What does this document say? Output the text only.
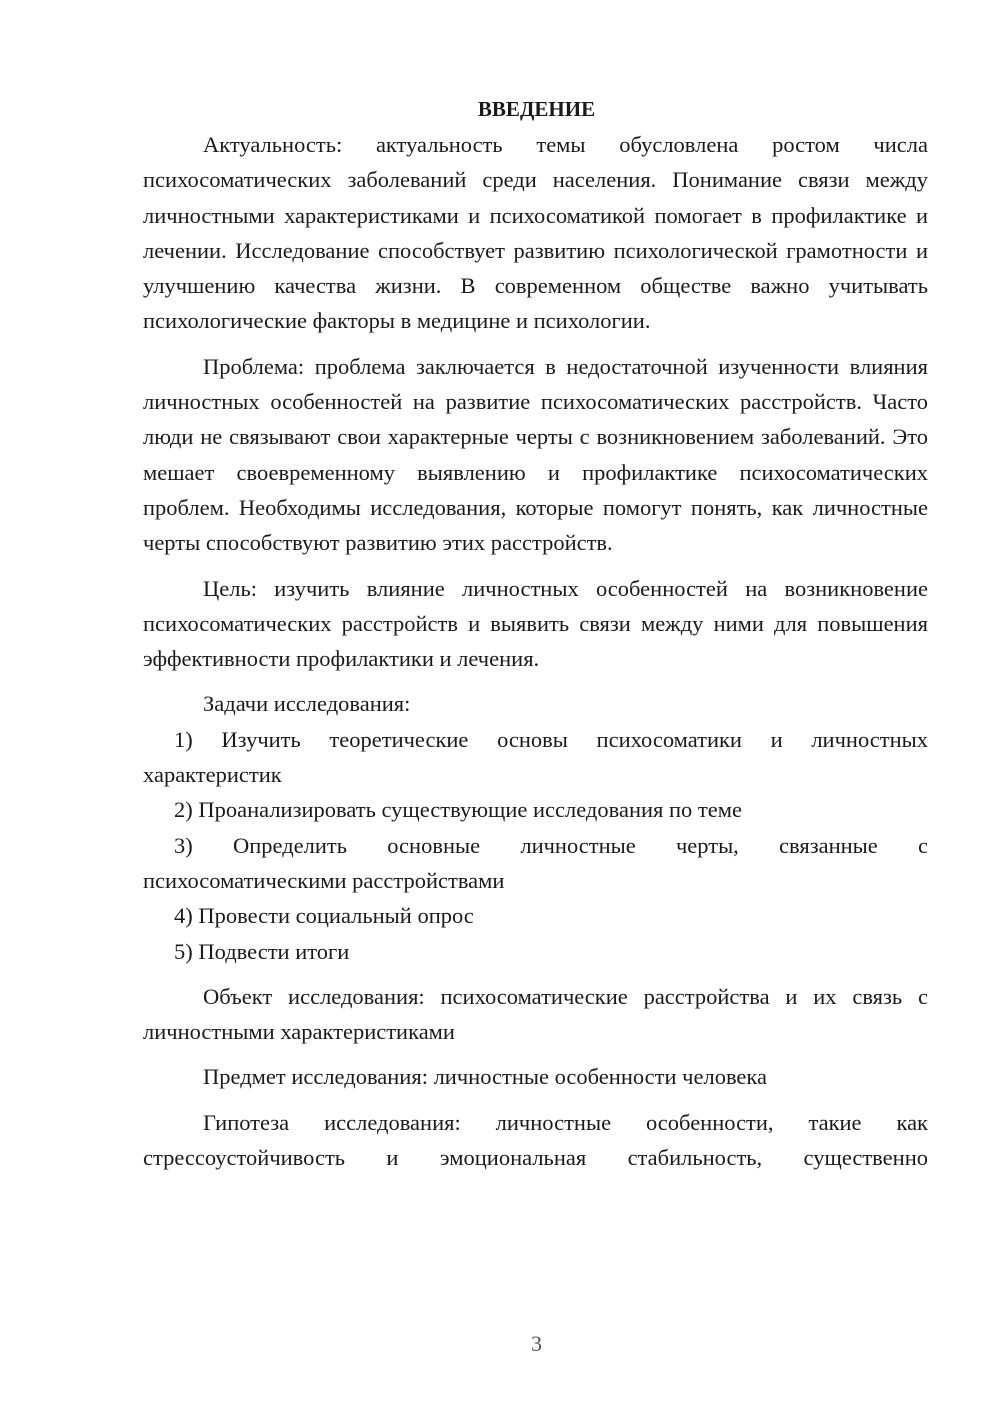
ВВЕДЕНИЕ

Актуальность: актуальность темы обусловлена ростом числа психосоматических заболеваний среди населения. Понимание связи между личностными характеристиками и психосоматикой помогает в профилактике и лечении. Исследование способствует развитию психологической грамотности и улучшению качества жизни. В современном обществе важно учитывать психологические факторы в медицине и психологии.

Проблема: проблема заключается в недостаточной изученности влияния личностных особенностей на развитие психосоматических расстройств. Часто люди не связывают свои характерные черты с возникновением заболеваний. Это мешает своевременному выявлению и профилактике психосоматических проблем. Необходимы исследования, которые помогут понять, как личностные черты способствуют развитию этих расстройств.

Цель: изучить влияние личностных особенностей на возникновение психосоматических расстройств и выявить связи между ними для повышения эффективности профилактики и лечения.

Задачи исследования:

1) Изучить теоретические основы психосоматики и личностных характеристик

2) Проанализировать существующие исследования по теме

3) Определить основные личностные черты, связанные с психосоматическими расстройствами

4) Провести социальный опрос

5) Подвести итоги

Объект исследования: психосоматические расстройства и их связь с личностными характеристиками

Предмет исследования: личностные особенности человека

Гипотеза исследования: личностные особенности, такие как стрессоустойчивость и эмоциональная стабильность, существенно

3
